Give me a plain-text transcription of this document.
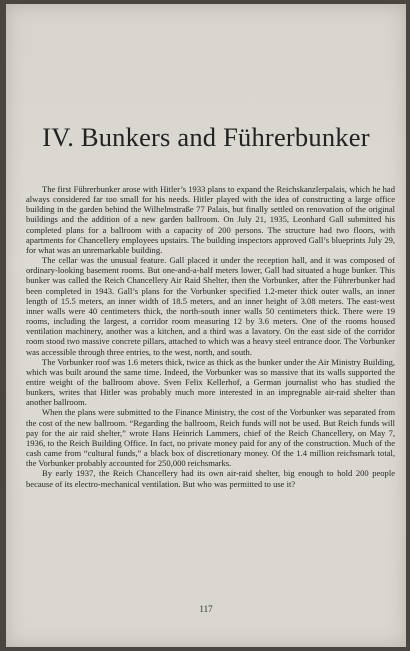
IV. Bunkers and Führerbunker

The first Führerbunker arose with Hitler’s 1933 plans to expand the Reichskanzlerpalais, which he had always considered far too small for his needs. Hitler played with the idea of constructing a large office building in the garden behind the Wilhelmstraße 77 Palais, but finally settled on renovation of the original buildings and the addition of a new garden ballroom. On July 21, 1935, Leonhard Gall submitted his completed plans for a ballroom with a capacity of 200 persons. The structure had two floors, with apartments for Chancellery employees upstairs. The building inspectors approved Gall’s blueprints July 29, for what was an unremarkable building.

The cellar was the unusual feature. Gall placed it under the reception hall, and it was composed of ordinary-looking basement rooms. But one-and-a-half meters lower, Gall had situated a huge bunker. This bunker was called the Reich Chancellery Air Raid Shelter, then the Vorbunker, after the Führerbunker had been completed in 1943. Gall’s plans for the Vorbunker specified 1.2-meter thick outer walls, an inner length of 15.5 meters, an inner width of 18.5 meters, and an inner height of 3.08 meters. The east-west inner walls were 40 centimeters thick, the north-south inner walls 50 centimeters thick. There were 19 rooms, including the largest, a corridor room measuring 12 by 3.6 meters. One of the rooms housed ventilation machinery, another was a kitchen, and a third was a lavatory. On the east side of the corridor room stood two massive concrete pillars, attached to which was a heavy steel entrance door. The Vorbunker was accessible through three entries, to the west, north, and south.

The Vorbunker roof was 1.6 meters thick, twice as thick as the bunker under the Air Ministry Building, which was built around the same time. Indeed, the Vorbunker was so massive that its walls supported the entire weight of the ballroom above. Sven Felix Kellerhof, a German journalist who has studied the bunkers, writes that Hitler was probably much more interested in an impregnable air-raid shelter than another ballroom.

When the plans were submitted to the Finance Ministry, the cost of the Vorbunker was separated from the cost of the new ballroom. “Regarding the ballroom, Reich funds will not be used. But Reich funds will pay for the air raid shelter,” wrote Hans Heinrich Lammers, chief of the Reich Chancellery, on May 7, 1936, to the Reich Building Office. In fact, no private money paid for any of the construction. Much of the cash came from “cultural funds,” a black box of discretionary money. Of the 1.4 million reichsmark total, the Vorbunker probably accounted for 250,000 reichsmarks.

By early 1937, the Reich Chancellery had its own air-raid shelter, big enough to hold 200 people because of its electro-mechanical ventilation. But who was permitted to use it?

117
